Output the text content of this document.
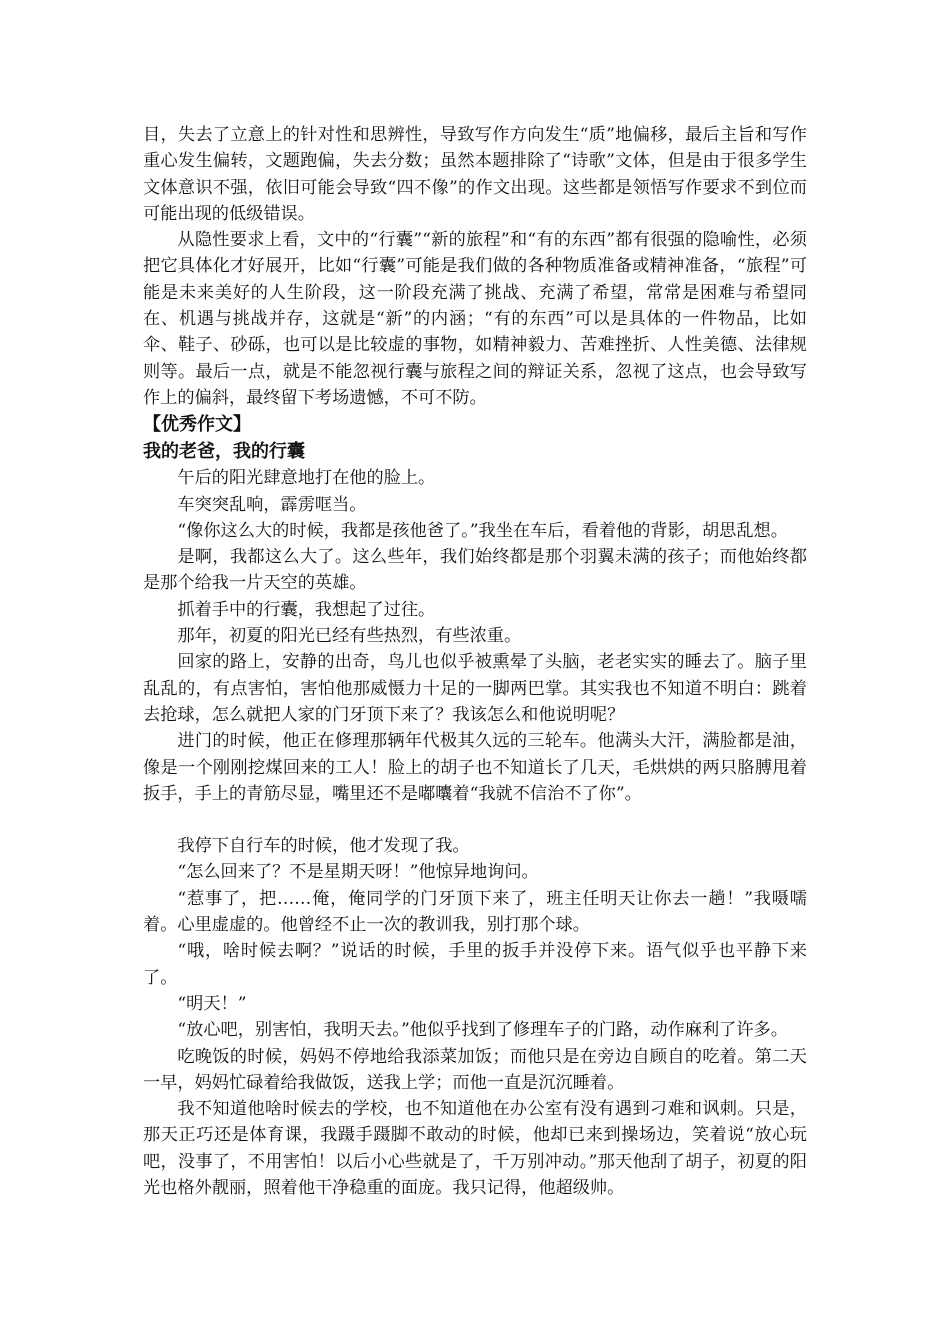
目，失去了立意上的针对性和思辨性，导致写作方向发生“质”地偏移，最后主旨和写作重心发生偏转，文题跑偏，失去分数；虽然本题排除了“诗歌”文体，但是由于很多学生文体意识不强，依旧可能会导致“四不像”的作文出现。这些都是领悟写作要求不到位而可能出现的低级错误。

从隐性要求上看，文中的“行囊”“新的旅程”和“有的东西”都有很强的隐喻性，必须把它具体化才好展开，比如“行囊”可能是我们做的各种物质准备或精神准备，“旅程”可能是未来美好的人生阶段，这一阶段充满了挑战、充满了希望，常常是困难与希望同在、机遇与挑战并存，这就是“新”的内涵；“有的东西”可以是具体的一件物品，比如伞、鞋子、砂砾，也可以是比较虚的事物，如精神毅力、苦难挫折、人性美德、法律规则等。最后一点，就是不能忽视行囊与旅程之间的辩证关系，忽视了这点，也会导致写作上的偏斜，最终留下考场遗憾，不可不防。

【优秀作文】

我的老爸，我的行囊

午后的阳光肆意地打在他的脸上。

车突突乱响，霹雳哐当。

“像你这么大的时候，我都是孩他爸了。”我坐在车后，看着他的背影，胡思乱想。

是啊，我都这么大了。这么些年，我们始终都是那个羽翼未满的孩子；而他始终都是那个给我一片天空的英雄。

抓着手中的行囊，我想起了过往。

那年，初夏的阳光已经有些热烈，有些浓重。

回家的路上，安静的出奇，鸟儿也似乎被熏晕了头脑，老老实实的睡去了。脑子里乱乱的，有点害怕，害怕他那威慑力十足的一脚两巴掌。其实我也不知道不明白：跳着去抢球，怎么就把人家的门牙顶下来了？我该怎么和他说明呢？

进门的时候，他正在修理那辆年代极其久远的三轮车。他满头大汗，满脸都是油，像是一个刚刚挖煤回来的工人！脸上的胡子也不知道长了几天，毛烘烘的两只胳膊甩着扳手，手上的青筋尽显，嘴里还不是嘟囔着“我就不信治不了你”。

我停下自行车的时候，他才发现了我。

“怎么回来了？不是星期天呀！”他惊异地询问。

“惹事了，把……俺，俺同学的门牙顶下来了，班主任明天让你去一趟！”我嗫嚅着。心里虚虚的。他曾经不止一次的教训我，别打那个球。

“哦，啥时候去啊？”说话的时候，手里的扳手并没停下来。语气似乎也平静下来了。

“明天！”

“放心吧，别害怕，我明天去。”他似乎找到了修理车子的门路，动作麻利了许多。

吃晚饭的时候，妈妈不停地给我添菜加饭；而他只是在旁边自顾自的吃着。第二天一早，妈妈忙碌着给我做饭，送我上学；而他一直是沉沉睡着。

我不知道他啥时候去的学校，也不知道他在办公室有没有遇到刁难和讽刺。只是，那天正巧还是体育课，我蹑手蹑脚不敢动的时候，他却已来到操场边，笑着说“放心玩吧，没事了，不用害怕！以后小心些就是了，千万别冲动。”那天他刮了胡子，初夏的阳光也格外靓丽，照着他干净稳重的面庞。我只记得，他超级帅。
